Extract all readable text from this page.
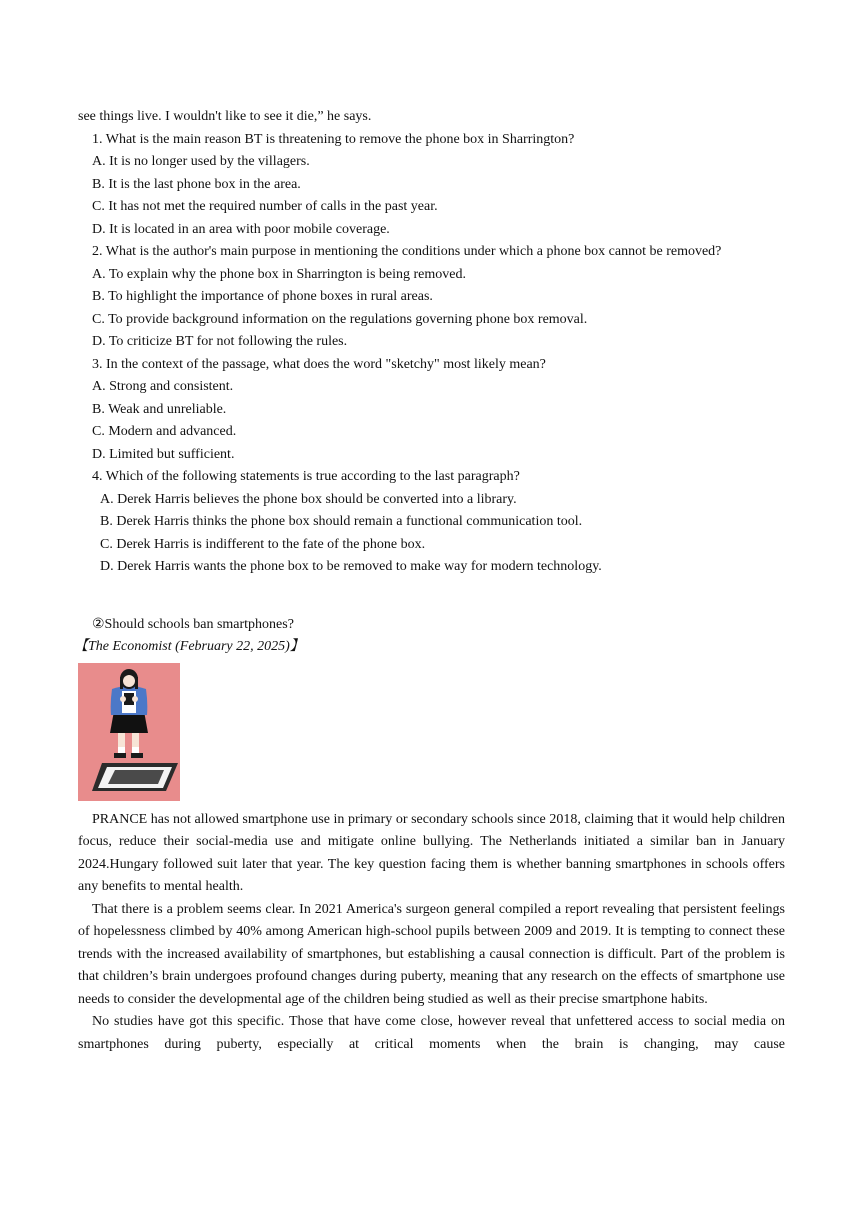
see things live. I wouldn't like to see it die,” he says.
1. What is the main reason BT is threatening to remove the phone box in Sharrington?
A. It is no longer used by the villagers.
B. It is the last phone box in the area.
C. It has not met the required number of calls in the past year.
D. It is located in an area with poor mobile coverage.
2. What is the author's main purpose in mentioning the conditions under which a phone box cannot be removed?
A. To explain why the phone box in Sharrington is being removed.
B. To highlight the importance of phone boxes in rural areas.
C. To provide background information on the regulations governing phone box removal.
D. To criticize BT for not following the rules.
3. In the context of the passage, what does the word "sketchy" most likely mean?
A. Strong and consistent.
B. Weak and unreliable.
C. Modern and advanced.
D. Limited but sufficient.
4. Which of the following statements is true according to the last paragraph?
A. Derek Harris believes the phone box should be converted into a library.
B. Derek Harris thinks the phone box should remain a functional communication tool.
C. Derek Harris is indifferent to the fate of the phone box.
D. Derek Harris wants the phone box to be removed to make way for modern technology.
②Should schools ban smartphones?
【The Economist (February 22, 2025)】

PRANCE has not allowed smartphone use in primary or secondary schools since 2018, claiming that it would help children focus, reduce their social-media use and mitigate online bullying. The Netherlands initiated a similar ban in January 2024.Hungary followed suit later that year. The key question facing them is whether banning smartphones in schools offers any benefits to mental health.

That there is a problem seems clear. In 2021 America's surgeon general compiled a report revealing that persistent feelings of hopelessness climbed by 40% among American high-school pupils between 2009 and 2019. It is tempting to connect these trends with the increased availability of smartphones, but establishing a causal connection is difficult. Part of the problem is that children’s brain undergoes profound changes during puberty, meaning that any research on the effects of smartphone use needs to consider the developmental age of the children being studied as well as their precise smartphone habits.

No studies have got this specific. Those that have come close, however reveal that unfettered access to social media on smartphones during puberty, especially at critical moments when the brain is changing, may cause
